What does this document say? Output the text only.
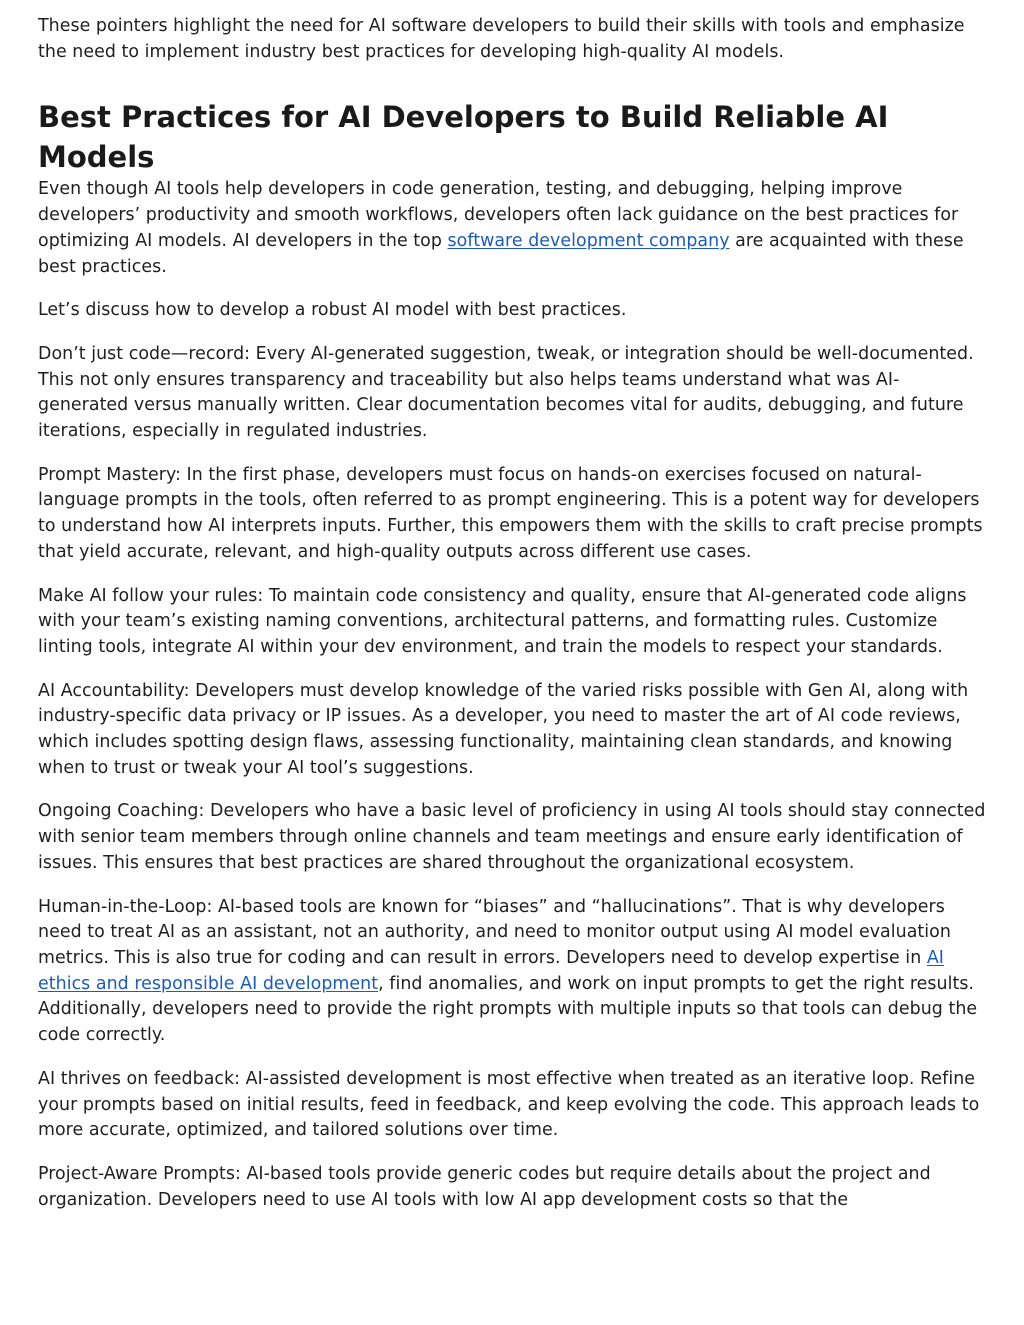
These pointers highlight the need for AI software developers to build their skills with tools and emphasize the need to implement industry best practices for developing high-quality AI models.

Best Practices for AI Developers to Build Reliable AI Models

Even though AI tools help developers in code generation, testing, and debugging, helping improve developers’ productivity and smooth workflows, developers often lack guidance on the best practices for optimizing AI models. AI developers in the top software development company are acquainted with these best practices.

Let’s discuss how to develop a robust AI model with best practices.

Don’t just code—record: Every AI-generated suggestion, tweak, or integration should be well-documented. This not only ensures transparency and traceability but also helps teams understand what was AI-generated versus manually written. Clear documentation becomes vital for audits, debugging, and future iterations, especially in regulated industries.

Prompt Mastery: In the first phase, developers must focus on hands-on exercises focused on natural-language prompts in the tools, often referred to as prompt engineering. This is a potent way for developers to understand how AI interprets inputs. Further, this empowers them with the skills to craft precise prompts that yield accurate, relevant, and high-quality outputs across different use cases.

Make AI follow your rules: To maintain code consistency and quality, ensure that AI-generated code aligns with your team’s existing naming conventions, architectural patterns, and formatting rules. Customize linting tools, integrate AI within your dev environment, and train the models to respect your standards.

AI Accountability: Developers must develop knowledge of the varied risks possible with Gen AI, along with industry-specific data privacy or IP issues. As a developer, you need to master the art of AI code reviews, which includes spotting design flaws, assessing functionality, maintaining clean standards, and knowing when to trust or tweak your AI tool’s suggestions.

Ongoing Coaching: Developers who have a basic level of proficiency in using AI tools should stay connected with senior team members through online channels and team meetings and ensure early identification of issues. This ensures that best practices are shared throughout the organizational ecosystem.

Human-in-the-Loop: AI-based tools are known for “biases” and “hallucinations”. That is why developers need to treat AI as an assistant, not an authority, and need to monitor output using AI model evaluation metrics. This is also true for coding and can result in errors. Developers need to develop expertise in AI ethics and responsible AI development, find anomalies, and work on input prompts to get the right results. Additionally, developers need to provide the right prompts with multiple inputs so that tools can debug the code correctly.

AI thrives on feedback: AI-assisted development is most effective when treated as an iterative loop. Refine your prompts based on initial results, feed in feedback, and keep evolving the code. This approach leads to more accurate, optimized, and tailored solutions over time.

Project-Aware Prompts: AI-based tools provide generic codes but require details about the project and organization. Developers need to use AI tools with low AI app development costs so that the
